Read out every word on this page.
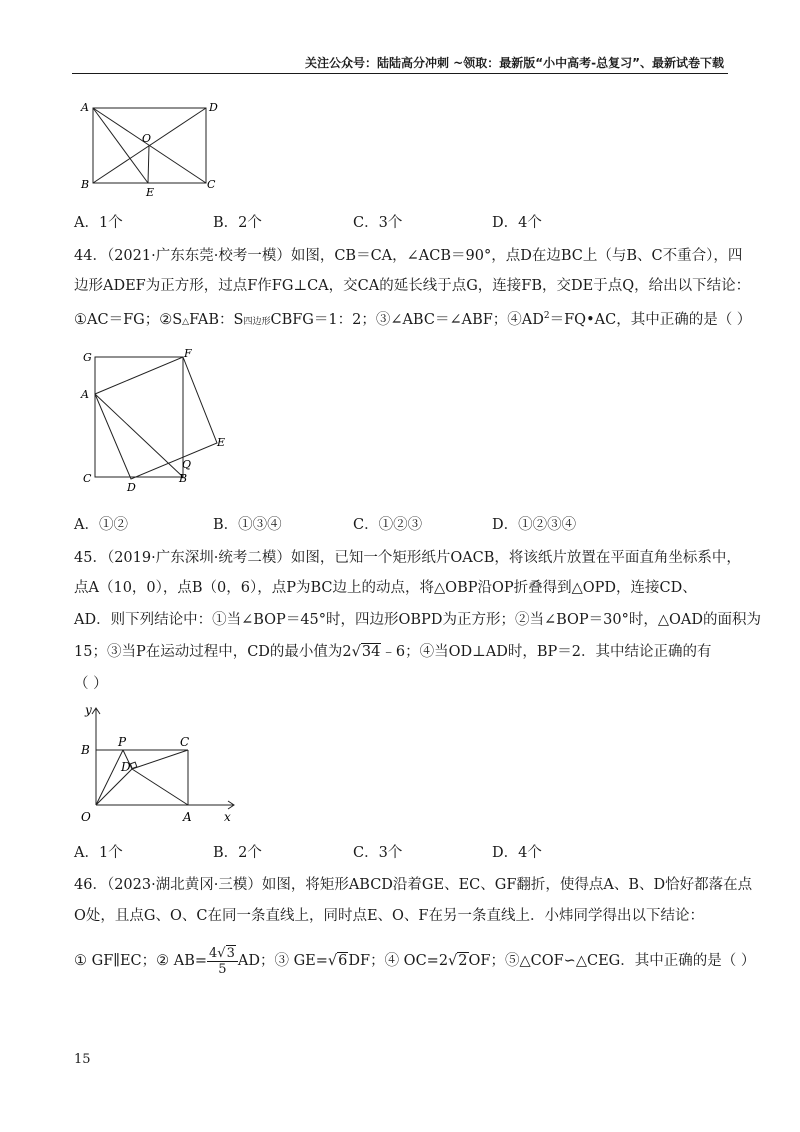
关注公众号：陆陆高分冲刺 ~领取：最新版“小中高考-总复习”、最新试卷下载
A	D
O
B
E
C
A．1个	B．2个	C．3个	D．4个
44．（2021·广东东莞·校考一模）如图，CB＝CA，∠ACB＝90°，点D在边BC上（与B、C不重合），四
边形ADEF为正方形，过点F作FG⊥CA，交CA的延长线于点G，连接FB，交DE于点Q，给出以下结论：
①AC＝FG；②S△FAB：S四边形CBFG＝1：2；③∠ABC＝∠ABF；$④AD^2=FQ•AC$，其中正确的是（ ）
G	F
A
E
Q
C
D
B
A．①②	B．①③④	C．①②③	D．①②③④
45．（2019·广东深圳·统考二模）如图，已知一个矩形纸片OACB，将该纸片放置在平面直角坐标系中，
点A（10，0），点B（0，6），点P为BC边上的动点，将△OBP沿OP折叠得到△OPD，连接CD、
AD．则下列结论中：①当∠BOP＝45°时，四边形OBPD为正方形；②当∠BOP＝30°时，△OAD的面积为
15；③当P在运动过程中，CD的最小值为2√34﹣6；④当OD⊥AD时，BP＝2．其中结论正确的有
（ ）
y
B
P	C
D
O	A	x
A．1个	B．2个	C．3个	D．4个
46．（2023·湖北黄冈·三模）如图，将矩形ABCD沿着GE、EC、GF翻折，使得点A、B、D恰好都落在点
O处，且点G、O、C在同一条直线上，同时点E、O、F在另一条直线上．小炜同学得出以下结论：
① GF∥EC；② $AB= \frac{4√3}{5}$ AD；③ GE=√6DF；④ OC=2√2OF；⑤△COF∽△CEG．其中正确的是（ ）
15
